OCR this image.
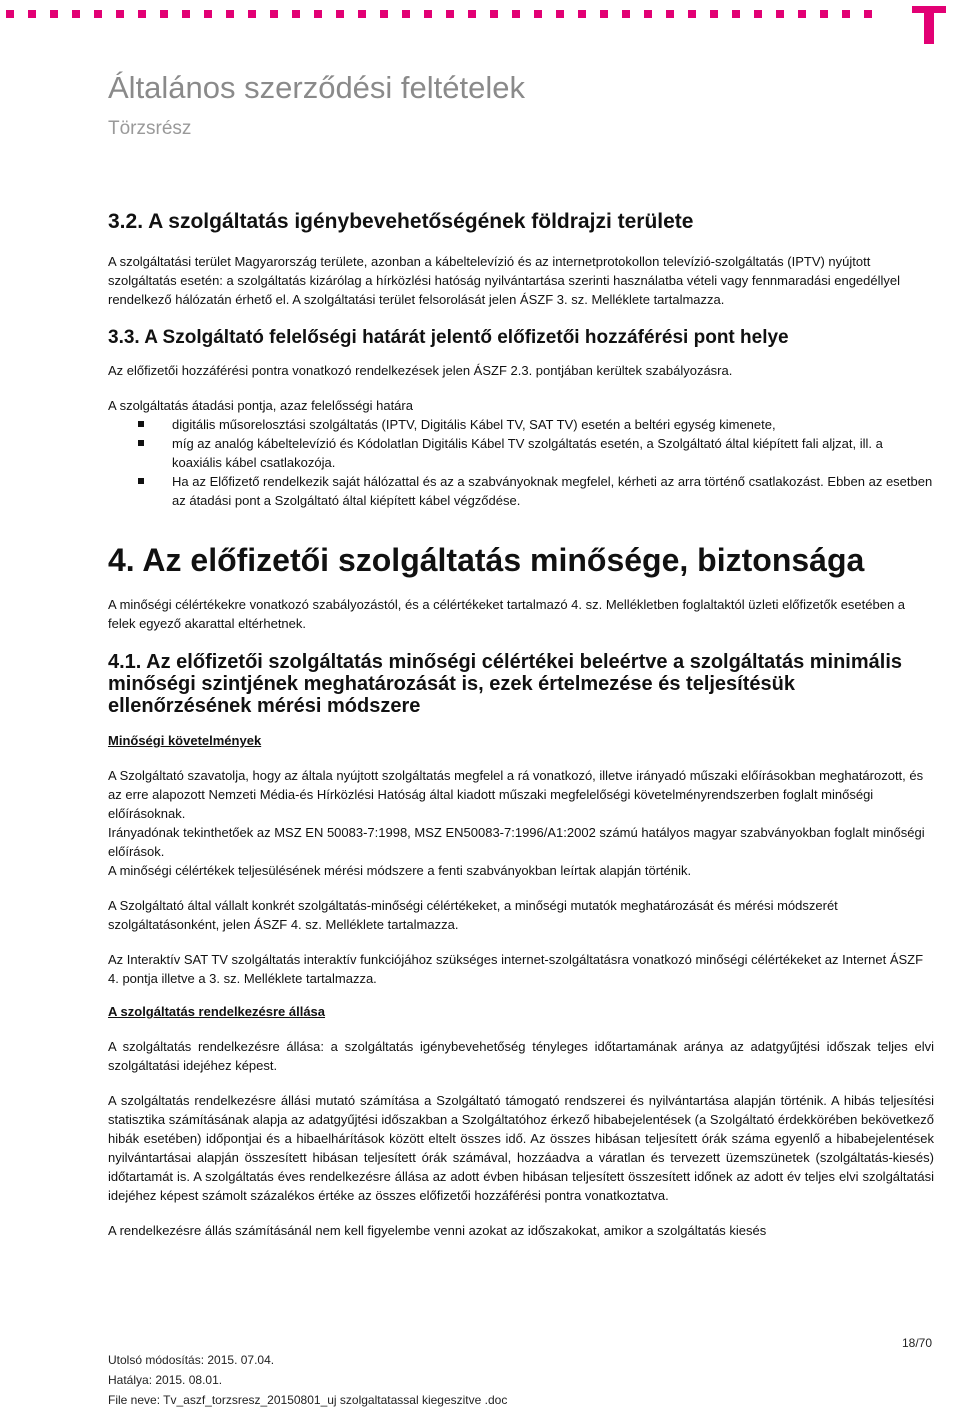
Általános szerződési feltételek
Törzsrész
3.2. A szolgáltatás igénybevehetőségének földrajzi területe

A szolgáltatási terület Magyarország területe, azonban a kábeltelevízió és az internetprotokollon televízió-szolgáltatás (IPTV) nyújtott szolgáltatás esetén: a szolgáltatás kizárólag a hírközlési hatóság nyilvántartása szerinti használatba vételi vagy fennmaradási engedéllyel rendelkező hálózatán érhető el. A szolgáltatási terület felsorolását jelen ÁSZF 3. sz. Melléklete tartalmazza.

3.3. A Szolgáltató felelőségi határát jelentő előfizetői hozzáférési pont helye

Az előfizetői hozzáférési pontra vonatkozó rendelkezések jelen ÁSZF 2.3. pontjában kerültek szabályozásra.

A szolgáltatás átadási pontja, azaz felelősségi határa

digitális műsorelosztási szolgáltatás (IPTV, Digitális Kábel TV, SAT TV) esetén a beltéri egység kimenete,
míg az analóg kábeltelevízió és Kódolatlan Digitális Kábel TV szolgáltatás esetén, a Szolgáltató által kiépített fali aljzat, ill. a koaxiális kábel csatlakozója.
Ha az Előfizető rendelkezik saját hálózattal és az a szabványoknak megfelel, kérheti az arra történő csatlakozást. Ebben az esetben az átadási pont a Szolgáltató által kiépített kábel végződése.
4. Az előfizetői szolgáltatás minősége, biztonsága

A minőségi célértékekre vonatkozó szabályozástól, és a célértékeket tartalmazó 4. sz. Mellékletben foglaltaktól üzleti előfizetők esetében a felek egyező akarattal eltérhetnek.

4.1. Az előfizetői szolgáltatás minőségi célértékei beleértve a szolgáltatás minimális minőségi szintjének meghatározását is, ezek értelmezése és teljesítésük ellenőrzésének mérési módszere
Minőségi követelmények

A Szolgáltató szavatolja, hogy az általa nyújtott szolgáltatás megfelel a rá vonatkozó, illetve irányadó műszaki előírásokban meghatározott, és az erre alapozott Nemzeti Média-és Hírközlési Hatóság által kiadott műszaki megfelelőségi követelményrendszerben foglalt minőségi előírásoknak.

Irányadónak tekinthetőek az MSZ EN 50083-7:1998, MSZ EN50083-7:1996/A1:2002 számú hatályos magyar szabványokban foglalt minőségi előírások.

A minőségi célértékek teljesülésének mérési módszere a fenti szabványokban leírtak alapján történik.

A Szolgáltató által vállalt konkrét szolgáltatás-minőségi célértékeket, a minőségi mutatók meghatározását és mérési módszerét szolgáltatásonként, jelen ÁSZF 4. sz. Melléklete tartalmazza.

Az Interaktív SAT TV szolgáltatás interaktív funkciójához szükséges internet-szolgáltatásra vonatkozó minőségi célértékeket az Internet ÁSZF 4. pontja illetve a 3. sz. Melléklete tartalmazza.

A szolgáltatás rendelkezésre állása

A szolgáltatás rendelkezésre állása: a szolgáltatás igénybevehetőség tényleges időtartamának aránya az adatgyűjtési időszak teljes elvi szolgáltatási idejéhez képest.

A szolgáltatás rendelkezésre állási mutató számítása a Szolgáltató támogató rendszerei és nyilvántartása alapján történik. A hibás teljesítési statisztika számításának alapja az adatgyűjtési időszakban a Szolgáltatóhoz érkező hibabejelentések (a Szolgáltató érdekkörében bekövetkező hibák esetében) időpontjai és a hibaelhárítások között eltelt összes idő. Az összes hibásan teljesített órák száma egyenlő a hibabejelentések nyilvántartásai alapján összesített hibásan teljesített órák számával, hozzáadva a váratlan és tervezett üzemszünetek (szolgáltatás-kiesés) időtartamát is. A szolgáltatás éves rendelkezésre állása az adott évben hibásan teljesített összesített időnek az adott év teljes elvi szolgáltatási idejéhez képest számolt százalékos értéke az összes előfizetői hozzáférési pontra vonatkoztatva.

A rendelkezésre állás számításánál nem kell figyelembe venni azokat az időszakokat, amikor a szolgáltatás kiesés

18/70
Utolsó módosítás: 2015. 07.04.
Hatálya: 2015. 08.01.
File neve: Tv_aszf_torzsresz_20150801_uj szolgaltatassal kiegeszitve .doc
